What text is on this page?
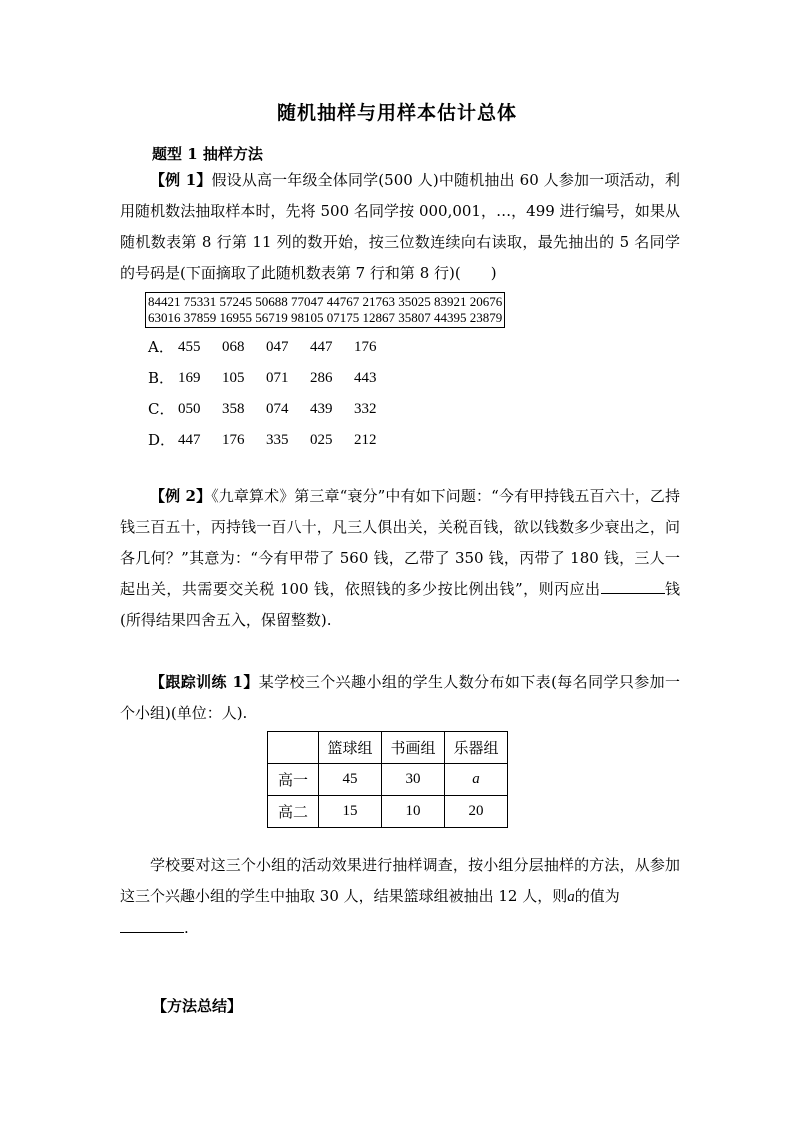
随机抽样与用样本估计总体
题型 1 抽样方法
【例 1】假设从高一年级全体同学(500 人)中随机抽出 60 人参加一项活动，利用随机数法抽取样本时，先将 500 名同学按 000,001，…，499 进行编号，如果从随机数表第 8 行第 11 列的数开始，按三位数连续向右读取，最先抽出的 5 名同学的号码是(下面摘取了此随机数表第 7 行和第 8 行)(　　)
84421 75331 57245 50688 77047 44767 21763 35025 83921 20676
63016 37859 16955 56719 98105 07175 12867 35807 44395 23879
A． 455	068	047	447	176
B． 169	105	071	286	443
C． 050	358	074	439	332
D． 447	176	335	025	212
【例 2】《九章算术》第三章“衰分”中有如下问题：“今有甲持钱五百六十，乙持钱三百五十，丙持钱一百八十，凡三人俱出关，关税百钱，欲以钱数多少衰出之，问各几何？”其意为：“今有甲带了 560 钱，乙带了 350 钱，丙带了 180 钱，三人一起出关，共需要交关税 100 钱，依照钱的多少按比例出钱”，则丙应出	钱(所得结果四舍五入，保留整数).
【跟踪训练 1】某学校三个兴趣小组的学生人数分布如下表(每名同学只参加一个小组)(单位：人).
	篮球组	书画组	乐器组
高一	45	30	a
高二	15	10	20
学校要对这三个小组的活动效果进行抽样调查，按小组分层抽样的方法，从参加这三个兴趣小组的学生中抽取 30 人，结果篮球组被抽出 12 人，则a的值为
.
【方法总结】
